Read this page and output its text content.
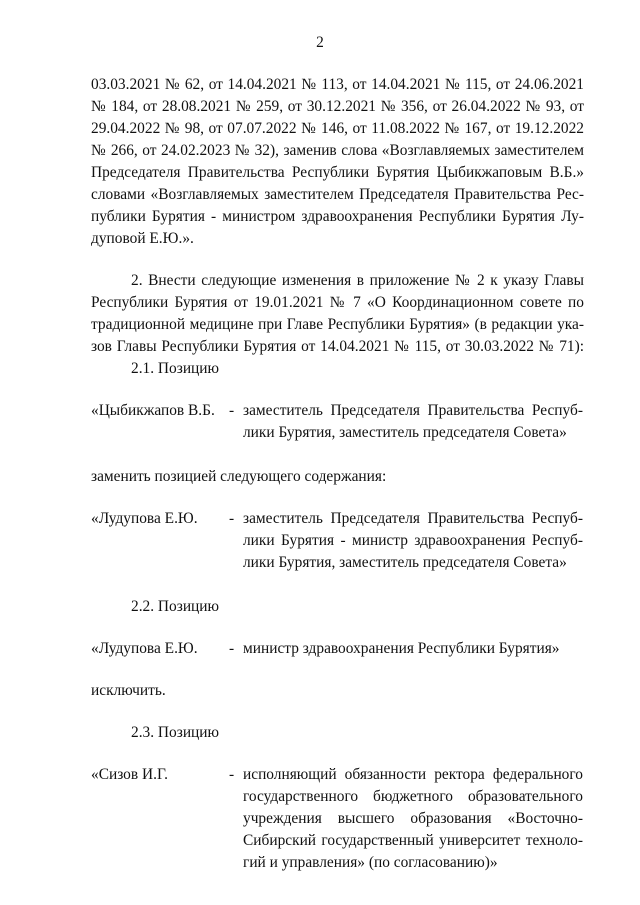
2
03.03.2021 № 62, от 14.04.2021 № 113, от 14.04.2021 № 115, от 24.06.2021
№ 184, от 28.08.2021 № 259, от 30.12.2021 № 356, от 26.04.2022 № 93, от
29.04.2022 № 98, от 07.07.2022 № 146, от 11.08.2022 № 167, от 19.12.2022
№ 266, от 24.02.2023 № 32), заменив слова «Возглавляемых заместителем
Председателя Правительства Республики Бурятия Цыбикжаповым В.Б.»
словами «Возглавляемых заместителем Председателя Правительства Рес-
публики Бурятия - министром здравоохранения Республики Бурятия Лу-
дуповой Е.Ю.».
2. Внести следующие изменения в приложение № 2 к указу Главы
Республики Бурятия от 19.01.2021 № 7 «О Координационном совете по
традиционной медицине при Главе Республики Бурятия» (в редакции ука-
зов Главы Республики Бурятия от 14.04.2021 № 115, от 30.03.2022 № 71):
2.1. Позицию
«Цыбикжапов В.Б. - заместитель Председателя Правительства Респуб-
лики Бурятия, заместитель председателя Совета»
заменить позицией следующего содержания:
«Лудупова Е.Ю. - заместитель Председателя Правительства Респуб-
лики Бурятия - министр здравоохранения Респуб-
лики Бурятия, заместитель председателя Совета»
2.2. Позицию
«Лудупова Е.Ю. - министр здравоохранения Республики Бурятия»
исключить.
2.3. Позицию
«Сизов И.Г.	- исполняющий обязанности ректора федерального
государственного бюджетного образовательного
учреждения высшего образования «Восточно-
Сибирский государственный университет техноло-
гий и управления» (по согласованию)»
